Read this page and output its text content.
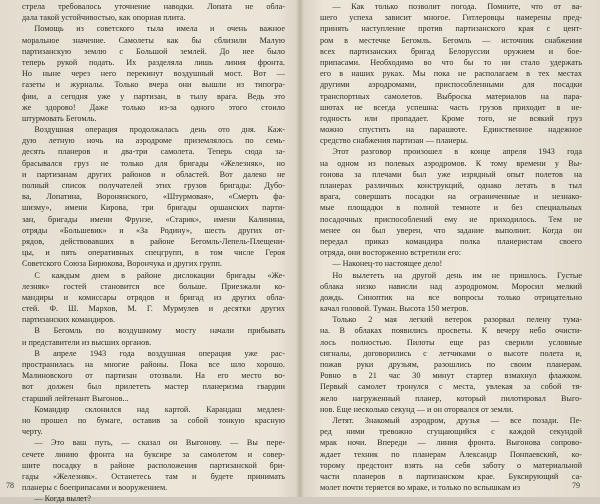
стрела требовалось уточнение наводки. Лопата не обла-
дала такой устойчивостью, как опорная плита.
  Помощь из советского тыла имела и очень важное
моральное значение. Самолеты как бы сблизили Малую
партизанскую землю с Большой землей. До нее было
теперь рукой подать. Их разделяла лишь линия фронта.
Но ныне через него перекинут воздушный мост. Вот —
газеты и журналы. Только вчера они вышли из типогра-
фии, а сегодня уже у партизан, в тылу врага. Ведь это
же здорово! Даже только из-за одного этого стоило
штурмовать Бегомль.
  Воздушная операция продолжалась день ото дня. Каж-
дую летную ночь на аэродроме приземлялось по семь-
десять планеров и два-три самолета. Теперь сюда за-
брасывался груз не только для бригады «Железняк», но
и партизанам других районов и областей. Вот далеко не
полный список получателей этих грузов бригады: Дубо-
ва, Лопатина, Воронянского, «Штурмовая», «Смерть фа-
шизму», имени Кирова, три бригады оршанских парти-
зан, бригады имени Фрунзе, «Старик», имени Калинина,
отряды «Большевик» и «За Родину», шесть других от-
рядов, действовавших в районе Бегомль-Лепель-Плещени-
цы, и пять оперативных спецгрупп, в том числе Героя
Советского Союза Бирюкова, Ворончука и других групп.
  С каждым днем в районе дислокации бригады «Же-
лезняк» гостей становится все больше. Приезжали ко-
мандиры и комиссары отрядов и бригад из других обла-
стей. Ф. Ш. Мархов, М. Г. Мурмулев и десятки других
партизанских командиров.
  В Бегомль по воздушному мосту начали прибывать
и представители из высших органов.
  В апреле 1943 года воздушная операция уже рас-
пространилась на многие районы. Пока все шло хорошо.
Малиновского от партизан отозвали. На его место во-
вот должен был прилететь мастер планеризма гвардии
старший лейтенант Выгонов...
  Командир склонился над картой. Карандаш медлен-
но прошел по бумаге, оставив за собой тонкую красную
черту.
  — Это ваш путь, — сказал он Выгонову. — Вы пере-
сечете линию фронта на буксире за самолетом и совер-
шите посадку в районе расположения партизанской бри-
гады «Железняк». Останетесь там и будете принимать
планеры с боеприпасами и вооружением.
  — Когда вылет?
78
  — Как только позволит погода. Помните, что от ва-
шего успеха зависит многое. Гитлеровцы намерены пред-
принять наступление против партизанского края с цент-
ром в местечке Бегомль. Бегомль — источник снабжения
всех партизанских бригад Белоруссии оружием и бое-
припасами. Необходимо во что бы то ни стало удержать
его в наших руках. Мы пока не располагаем в тех местах
другими аэродромами, приспособленными для посадки
транспортных самолетов. Выброска материалов на пара-
шютах не всегда успешна: часть грузов приходит в не-
годность или пропадает. Кроме того, не всякий груз
можно спустить на парашюте. Единственное надежное
средство снабжения партизан — планеры.
  Этот разговор произошел в конце апреля 1943 года
на одном из полевых аэродромов. К тому времени у Вы-
гонова за плечами был уже изрядный опыт полетов на
планерах различных конструкций, однако летать в тыл
врага, совершать посадки на ограниченные и незнако-
мые площадки в полной темноте и без специальных
посадочных приспособлений ему не приходилось. Тем не
менее он был уверен, что задание выполнит. Когда он
передал приказ командира полка планеристам своего
отряда, они восторженно встретили его:
  — Наконец-то настоящее дело!
  Но вылететь на другой день им не пришлось. Густые
облака низко нависли над аэродромом. Моросил мелкий
дождь. Синоптик на все вопросы только отрицательно
качал головой. Туман. Высота 150 метров.
  Только 2 мая легкий ветерок разорвал пелену тума-
на. В облаках появились просветы. К вечеру небо очисти-
лось полностью. Пилоты еще раз сверили условные
сигналы, договорились с летчиками о высоте полета и,
пожав руки друзьям, разошлись по своим планерам.
Ровно в 21 час 30 минут стартер взмахнул флажком.
Первый самолет тронулся с места, увлекая за собой тя-
жело нагруженный планер, который пилотировал Выго-
нов. Еще несколько секунд — и он оторвался от земли.
  Летят. Знакомый аэродром, друзья — все позади. Пе-
ред ними тревожно сгущающийся с каждой секундой
мрак ночи. Впереди — линия фронта. Выгонова сопрово-
ждает техник по планерам Александр Понпаевский, ко-
торому предстоит взять на себя заботу о материальной
части планеров в партизанском крае. Буксирующий са-
молет почти теряется во мраке, и только по вспышкам из	79
